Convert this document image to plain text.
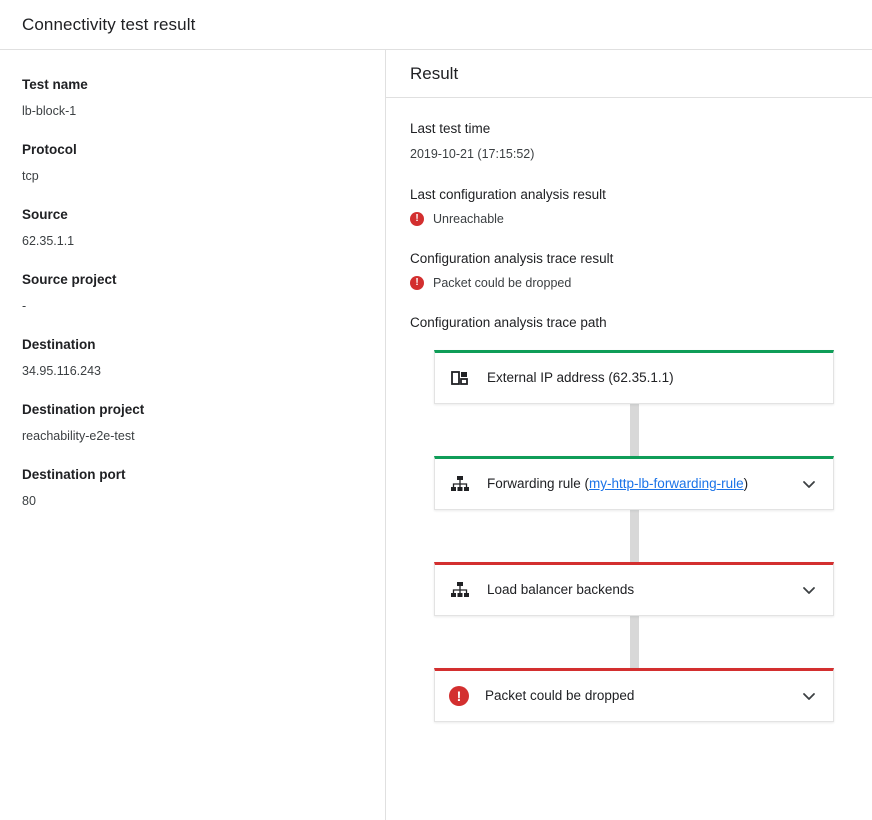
Connectivity test result
Test name
lb-block-1
Protocol
tcp
Source
62.35.1.1
Source project
-
Destination
34.95.116.243
Destination project
reachability-e2e-test
Destination port
80
Result
Last test time
2019-10-21 (17:15:52)
Last configuration analysis result
!	Unreachable
Configuration analysis trace result
!	Packet could be dropped
Configuration analysis trace path
External IP address (62.35.1.1)
Forwarding rule (my-http-lb-forwarding-rule)
Load balancer backends
!	Packet could be dropped
